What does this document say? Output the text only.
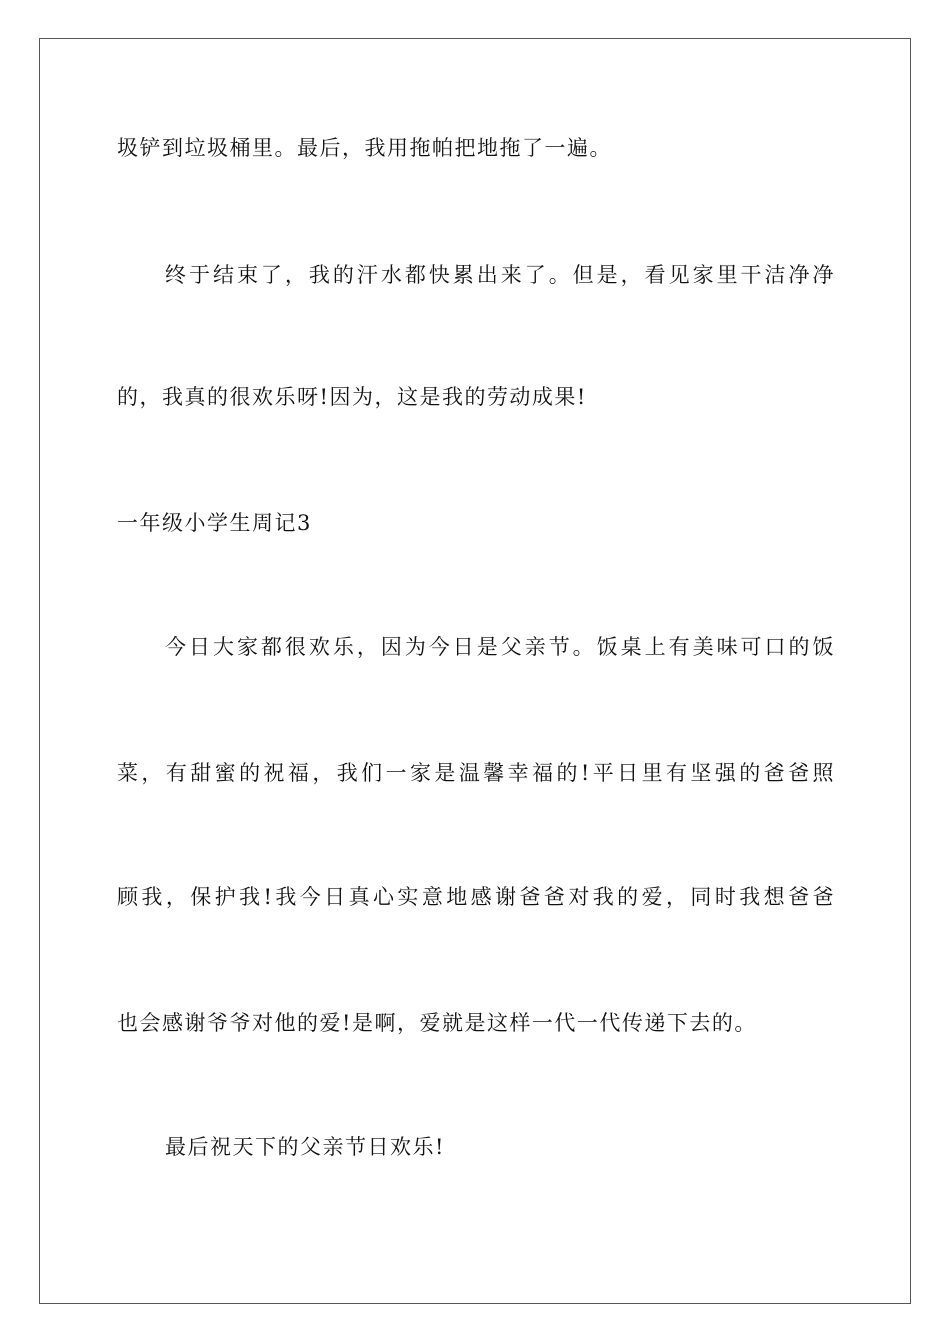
圾铲到垃圾桶里。最后，我用拖帕把地拖了一遍。
终于结束了，我的汗水都快累出来了。但是，看见家里干洁净净
的，我真的很欢乐呀!因为，这是我的劳动成果!
一年级小学生周记3
今日大家都很欢乐，因为今日是父亲节。饭桌上有美味可口的饭
菜，有甜蜜的祝福，我们一家是温馨幸福的!平日里有坚强的爸爸照
顾我，保护我!我今日真心实意地感谢爸爸对我的爱，同时我想爸爸
也会感谢爷爷对他的爱!是啊，爱就是这样一代一代传递下去的。
最后祝天下的父亲节日欢乐!
